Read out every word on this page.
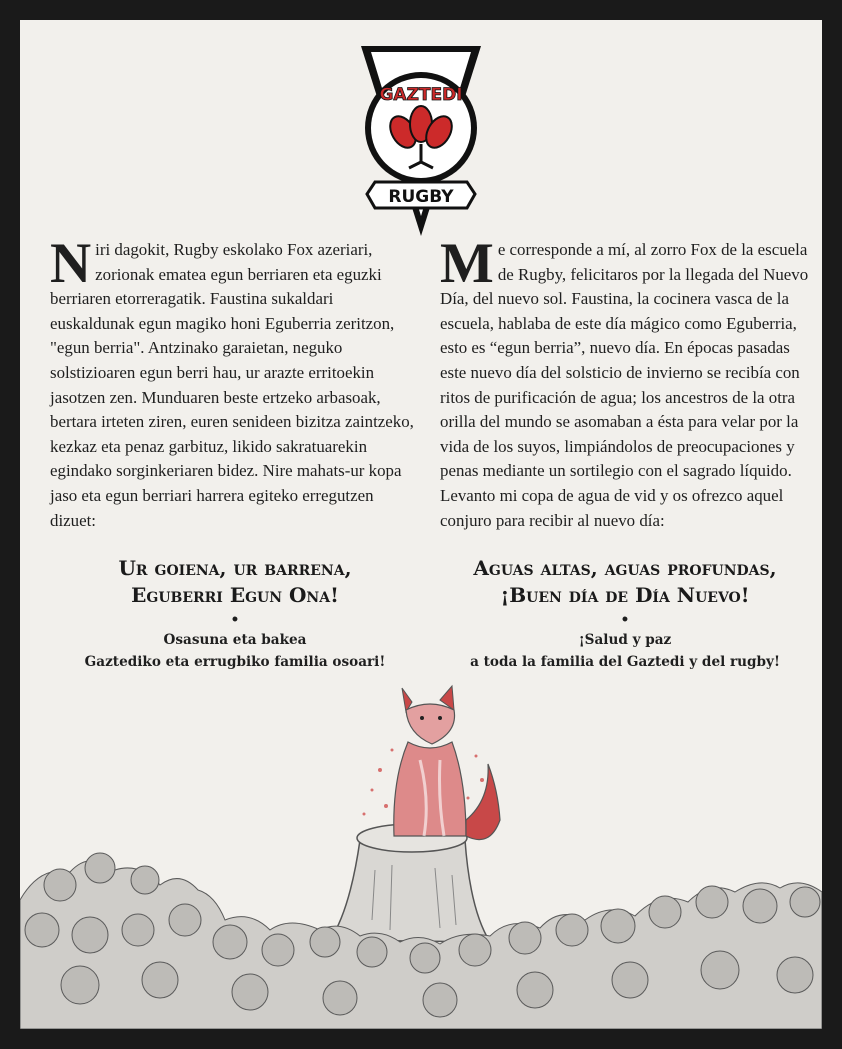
GAZTEDI
RUGBY

Niri dagokit, Rugby eskolako Fox azeriari, zorionak ematea egun berriaren eta eguzki berriaren etorreragatik. Faustina sukaldari euskaldunak egun magiko honi Eguberria zeritzon, "egun berria". Antzinako garaietan, neguko solstizioaren egun berri hau, ur arazte erritoekin jasotzen zen. Munduaren beste ertzeko arbasoak, bertara irteten ziren, euren senideen bizitza zaintzeko, kezkaz eta penaz garbituz, likido sakratuarekin egindako sorginkeriaren bidez. Nire mahats-ur kopa jaso eta egun berriari harrera egiteko erregutzen dizuet:

Ur goiena, ur barrena,
Eguberri Egun Ona!
•
Osasuna eta bakea
Gaztediko eta errugbiko familia osoari!

Me corresponde a mí, al zorro Fox de la escuela de Rugby, felicitaros por la llegada del Nuevo Día, del nuevo sol. Faustina, la cocinera vasca de la escuela, hablaba de este día mágico como Eguberria, esto es “egun berria”, nuevo día. En épocas pasadas este nuevo día del solsticio de invierno se recibía con ritos de purificación de agua; los ancestros de la otra orilla del mundo se asomaban a ésta para velar por la vida de los suyos, limpiándolos de preocupaciones y penas mediante un sortilegio con el sagrado líquido. Levanto mi copa de agua de vid y os ofrezco aquel conjuro para recibir al nuevo día:

Aguas altas, aguas profundas,
¡Buen día de Día Nuevo!
•
¡Salud y paz
a toda la familia del Gaztedi y del rugby!
